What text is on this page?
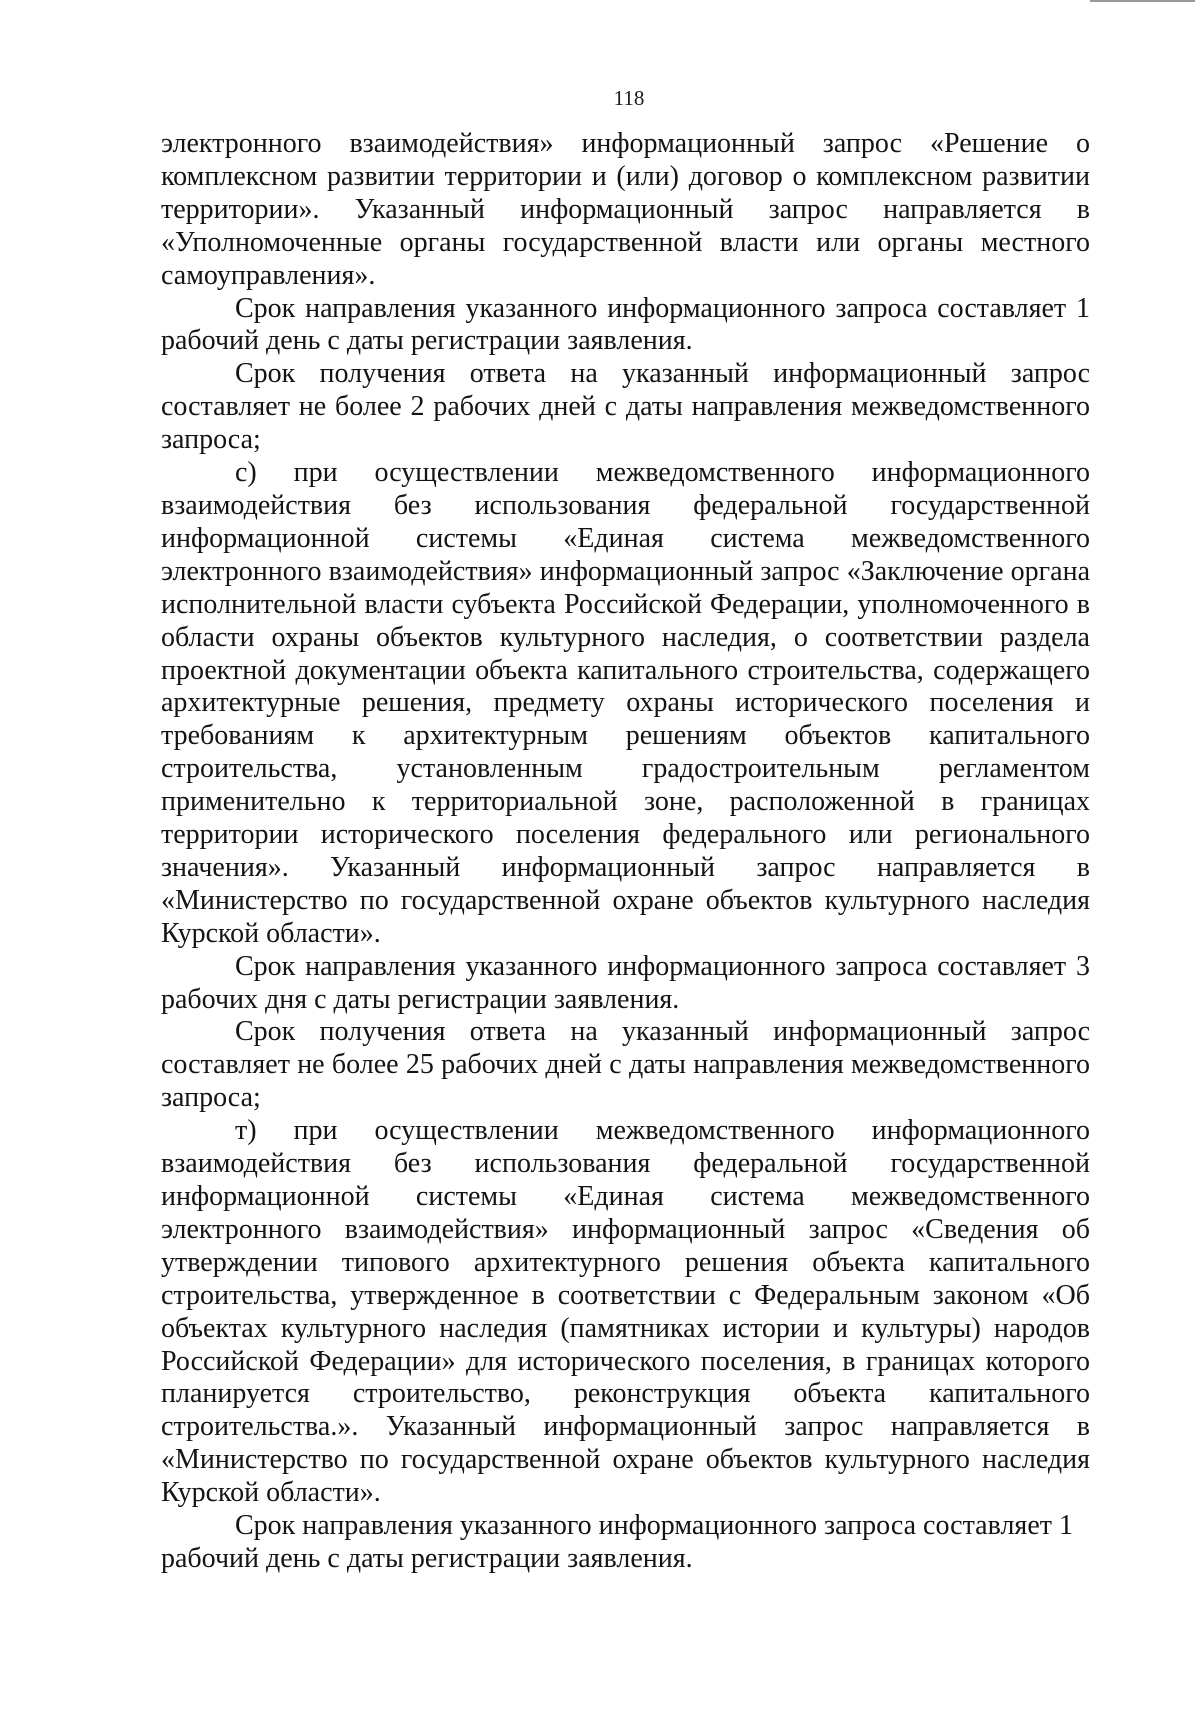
118

электронного взаимодействия» информационный запрос «Решение о комплексном развитии территории и (или) договор о комплексном развитии территории». Указанный информационный запрос направляется в «Уполномоченные органы государственной власти или органы местного самоуправления».

Срок направления указанного информационного запроса составляет 1 рабочий день с даты регистрации заявления.

Срок получения ответа на указанный информационный запрос составляет не более 2 рабочих дней с даты направления межведомственного запроса;

с) при осуществлении межведомственного информационного взаимодействия без использования федеральной государственной информационной системы «Единая система межведомственного электронного взаимодействия» информационный запрос «Заключение органа исполнительной власти субъекта Российской Федерации, уполномоченного в области охраны объектов культурного наследия, о соответствии раздела проектной документации объекта капитального строительства, содержащего архитектурные решения, предмету охраны исторического поселения и требованиям к архитектурным решениям объектов капитального строительства, установленным градостроительным регламентом применительно к территориальной зоне, расположенной в границах территории исторического поселения федерального или регионального значения». Указанный информационный запрос направляется в «Министерство по государственной охране объектов культурного наследия Курской области».

Срок направления указанного информационного запроса составляет 3 рабочих дня с даты регистрации заявления.

Срок получения ответа на указанный информационный запрос составляет не более 25 рабочих дней с даты направления межведомственного запроса;

т) при осуществлении межведомственного информационного взаимодействия без использования федеральной государственной информационной системы «Единая система межведомственного электронного взаимодействия» информационный запрос «Сведения об утверждении типового архитектурного решения объекта капитального строительства, утвержденное в соответствии с Федеральным законом «Об объектах культурного наследия (памятниках истории и культуры) народов Российской Федерации» для исторического поселения, в границах которого планируется строительство, реконструкция объекта капитального строительства.». Указанный информационный запрос направляется в «Министерство по государственной охране объектов культурного наследия Курской области».

Срок направления указанного информационного запроса составляет 1 рабочий день с даты регистрации заявления.
